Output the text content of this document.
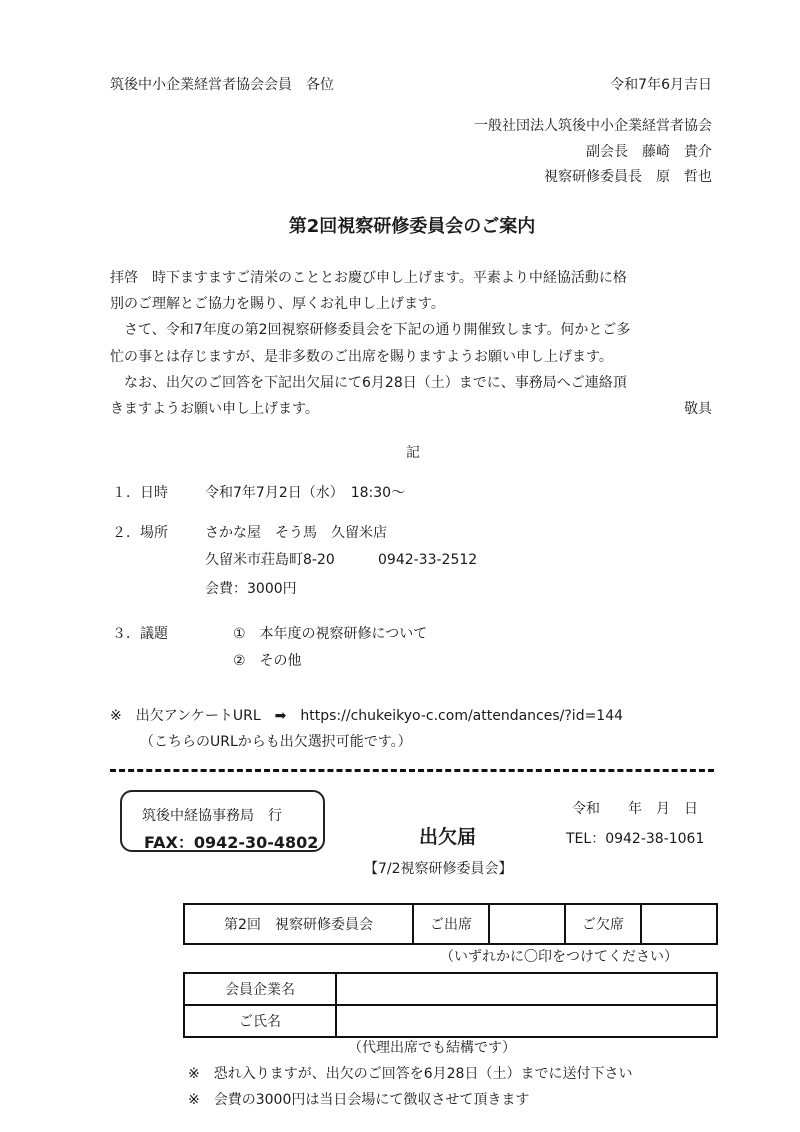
筑後中小企業経営者協会会員　各位	令和7年6月吉日
一般社団法人筑後中小企業経営者協会
副会長　藤崎　貴介
視察研修委員長　原　哲也
第2回視察研修委員会のご案内
拝啓　時下ますますご清栄のこととお慶び申し上げます。平素より中経協活動に格
別のご理解とご協力を賜り、厚くお礼申し上げます。
　さて、令和7年度の第2回視察研修委員会を下記の通り開催致します。何かとご多
忙の事とは存じますが、是非多数のご出席を賜りますようお願い申し上げます。
　なお、出欠のご回答を下記出欠届にて6月28日（土）までに、事務局へご連絡頂
きますようお願い申し上げます。	敬具
記
１．日時	令和7年7月2日（水）　18:30～
２．場所	さかな屋　そう馬　久留米店
久留米市荘島町8-20	0942-33-2512
会費：3000円
３．議題	①　本年度の視察研修について
②　その他
※　出欠アンケートURL　➡　https://chukeikyo-c.com/attendances/?id=144
（こちらのURLからも出欠選択可能です。）
筑後中経協事務局　行
FAX：0942-30-4802
令和　　年　月　日
出欠届	TEL：0942-38-1061
【7/2視察研修委員会】
第2回　視察研修委員会	ご出席		ご欠席	
（いずれかに〇印をつけてください）
会員企業名	
ご氏名	
（代理出席でも結構です）
※　恐れ入りますが、出欠のご回答を6月28日（土）までに送付下さい
※　会費の3000円は当日会場にて徴収させて頂きます
